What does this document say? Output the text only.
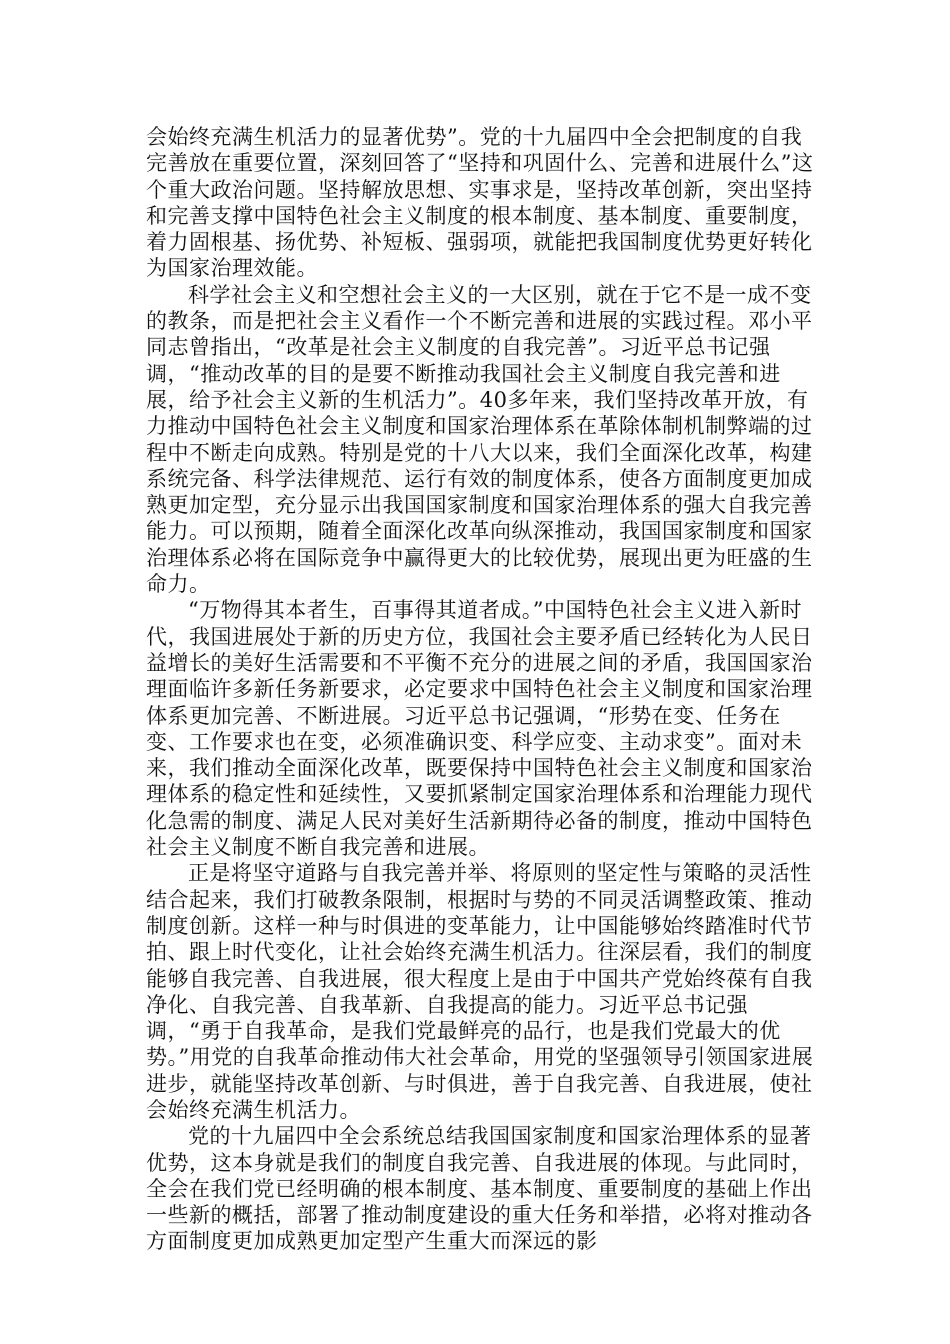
会始终充满生机活力的显著优势”。党的十九届四中全会把制度的自我完善放在重要位置，深刻回答了“坚持和巩固什么、完善和进展什么”这个重大政治问题。坚持解放思想、实事求是，坚持改革创新，突出坚持和完善支撑中国特色社会主义制度的根本制度、基本制度、重要制度，着力固根基、扬优势、补短板、强弱项，就能把我国制度优势更好转化为国家治理效能。

科学社会主义和空想社会主义的一大区别，就在于它不是一成不变的教条，而是把社会主义看作一个不断完善和进展的实践过程。邓小平同志曾指出，“改革是社会主义制度的自我完善”。习近平总书记强调，“推动改革的目的是要不断推动我国社会主义制度自我完善和进展，给予社会主义新的生机活力”。40多年来，我们坚持改革开放，有力推动中国特色社会主义制度和国家治理体系在革除体制机制弊端的过程中不断走向成熟。特别是党的十八大以来，我们全面深化改革，构建系统完备、科学法律规范、运行有效的制度体系，使各方面制度更加成熟更加定型，充分显示出我国国家制度和国家治理体系的强大自我完善能力。可以预期，随着全面深化改革向纵深推动，我国国家制度和国家治理体系必将在国际竞争中赢得更大的比较优势，展现出更为旺盛的生命力。

“万物得其本者生，百事得其道者成。”中国特色社会主义进入新时代，我国进展处于新的历史方位，我国社会主要矛盾已经转化为人民日益增长的美好生活需要和不平衡不充分的进展之间的矛盾，我国国家治理面临许多新任务新要求，必定要求中国特色社会主义制度和国家治理体系更加完善、不断进展。习近平总书记强调，“形势在变、任务在变、工作要求也在变，必须准确识变、科学应变、主动求变”。面对未来，我们推动全面深化改革，既要保持中国特色社会主义制度和国家治理体系的稳定性和延续性，又要抓紧制定国家治理体系和治理能力现代化急需的制度、满足人民对美好生活新期待必备的制度，推动中国特色社会主义制度不断自我完善和进展。

正是将坚守道路与自我完善并举、将原则的坚定性与策略的灵活性结合起来，我们打破教条限制，根据时与势的不同灵活调整政策、推动制度创新。这样一种与时俱进的变革能力，让中国能够始终踏准时代节拍、跟上时代变化，让社会始终充满生机活力。往深层看，我们的制度能够自我完善、自我进展，很大程度上是由于中国共产党始终葆有自我净化、自我完善、自我革新、自我提高的能力。习近平总书记强调，“勇于自我革命，是我们党最鲜亮的品行，也是我们党最大的优势。”用党的自我革命推动伟大社会革命，用党的坚强领导引领国家进展进步，就能坚持改革创新、与时俱进，善于自我完善、自我进展，使社会始终充满生机活力。

党的十九届四中全会系统总结我国国家制度和国家治理体系的显著优势，这本身就是我们的制度自我完善、自我进展的体现。与此同时，全会在我们党已经明确的根本制度、基本制度、重要制度的基础上作出一些新的概括，部署了推动制度建设的重大任务和举措，必将对推动各方面制度更加成熟更加定型产生重大而深远的影
